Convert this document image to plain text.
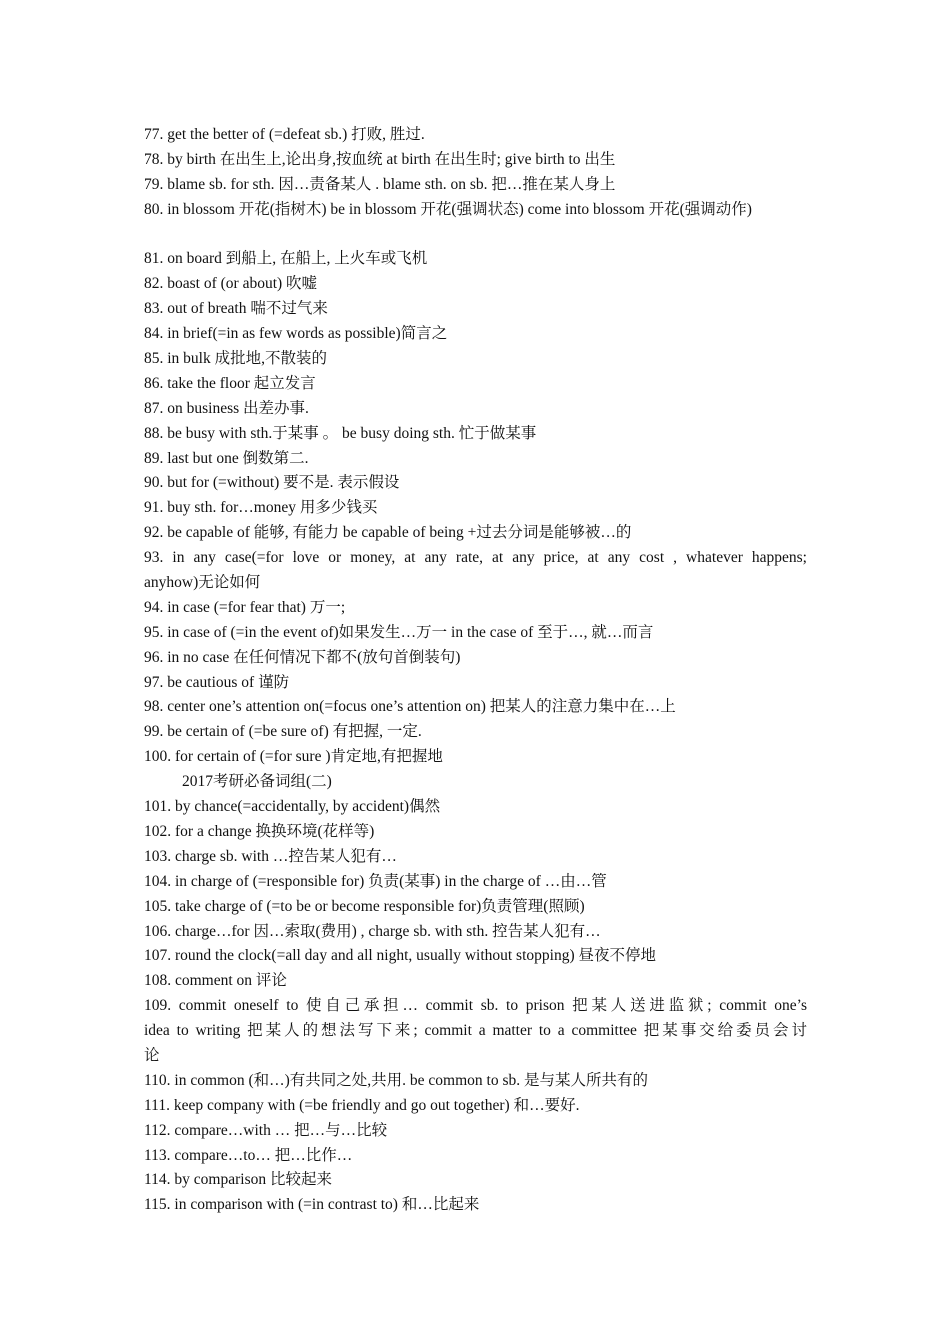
77. get the better of (=defeat sb.) 打败, 胜过.
78. by birth 在出生上,论出身,按血统 at birth 在出生时; give birth to 出生
79. blame sb. for sth. 因…责备某人 . blame sth. on sb. 把…推在某人身上
80. in blossom 开花(指树木) be in blossom 开花(强调状态) come into blossom 开花(强调动作)
81. on board 到船上, 在船上, 上火车或飞机
82. boast of (or about) 吹嘘
83. out of breath 喘不过气来
84. in brief(=in as few words as possible)简言之
85. in bulk 成批地,不散装的
86. take the floor 起立发言
87. on business 出差办事.
88. be busy with sth.于某事 。 be busy doing sth. 忙于做某事
89. last but one 倒数第二.
90. but for (=without) 要不是. 表示假设
91. buy sth. for…money 用多少钱买
92. be capable of 能够, 有能力 be capable of being +过去分词是能够被…的
93. in any case(=for love or money, at any rate, at any price, at any cost , whatever happens;
anyhow)无论如何
94. in case (=for fear that) 万一;
95. in case of (=in the event of)如果发生…万一 in the case of 至于…, 就…而言
96. in no case 在任何情况下都不(放句首倒装句)
97. be cautious of 谨防
98. center one’s attention on(=focus one’s attention on) 把某人的注意力集中在…上
99. be certain of (=be sure of) 有把握, 一定.
100. for certain of (=for sure )肯定地,有把握地
2017考研必备词组(二)
101. by chance(=accidentally, by accident)偶然
102. for a change 换换环境(花样等)
103. charge sb. with …控告某人犯有…
104. in charge of (=responsible for) 负责(某事) in the charge of …由…管
105. take charge of (=to be or become responsible for)负责管理(照顾)
106. charge…for 因…索取(费用) , charge sb. with sth. 控告某人犯有…
107. round the clock(=all day and all night, usually without stopping) 昼夜不停地
108. comment on 评论
109. commit oneself to 使自己承担… commit sb. to prison 把某人送进监狱; commit one’s
idea to writing 把某人的想法写下来; commit a matter to a committee 把某事交给委员会讨
论
110. in common (和…)有共同之处,共用. be common to sb. 是与某人所共有的
111. keep company with (=be friendly and go out together) 和…要好.
112. compare…with … 把…与…比较
113. compare…to… 把…比作…
114. by comparison 比较起来
115. in comparison with (=in contrast to) 和…比起来
